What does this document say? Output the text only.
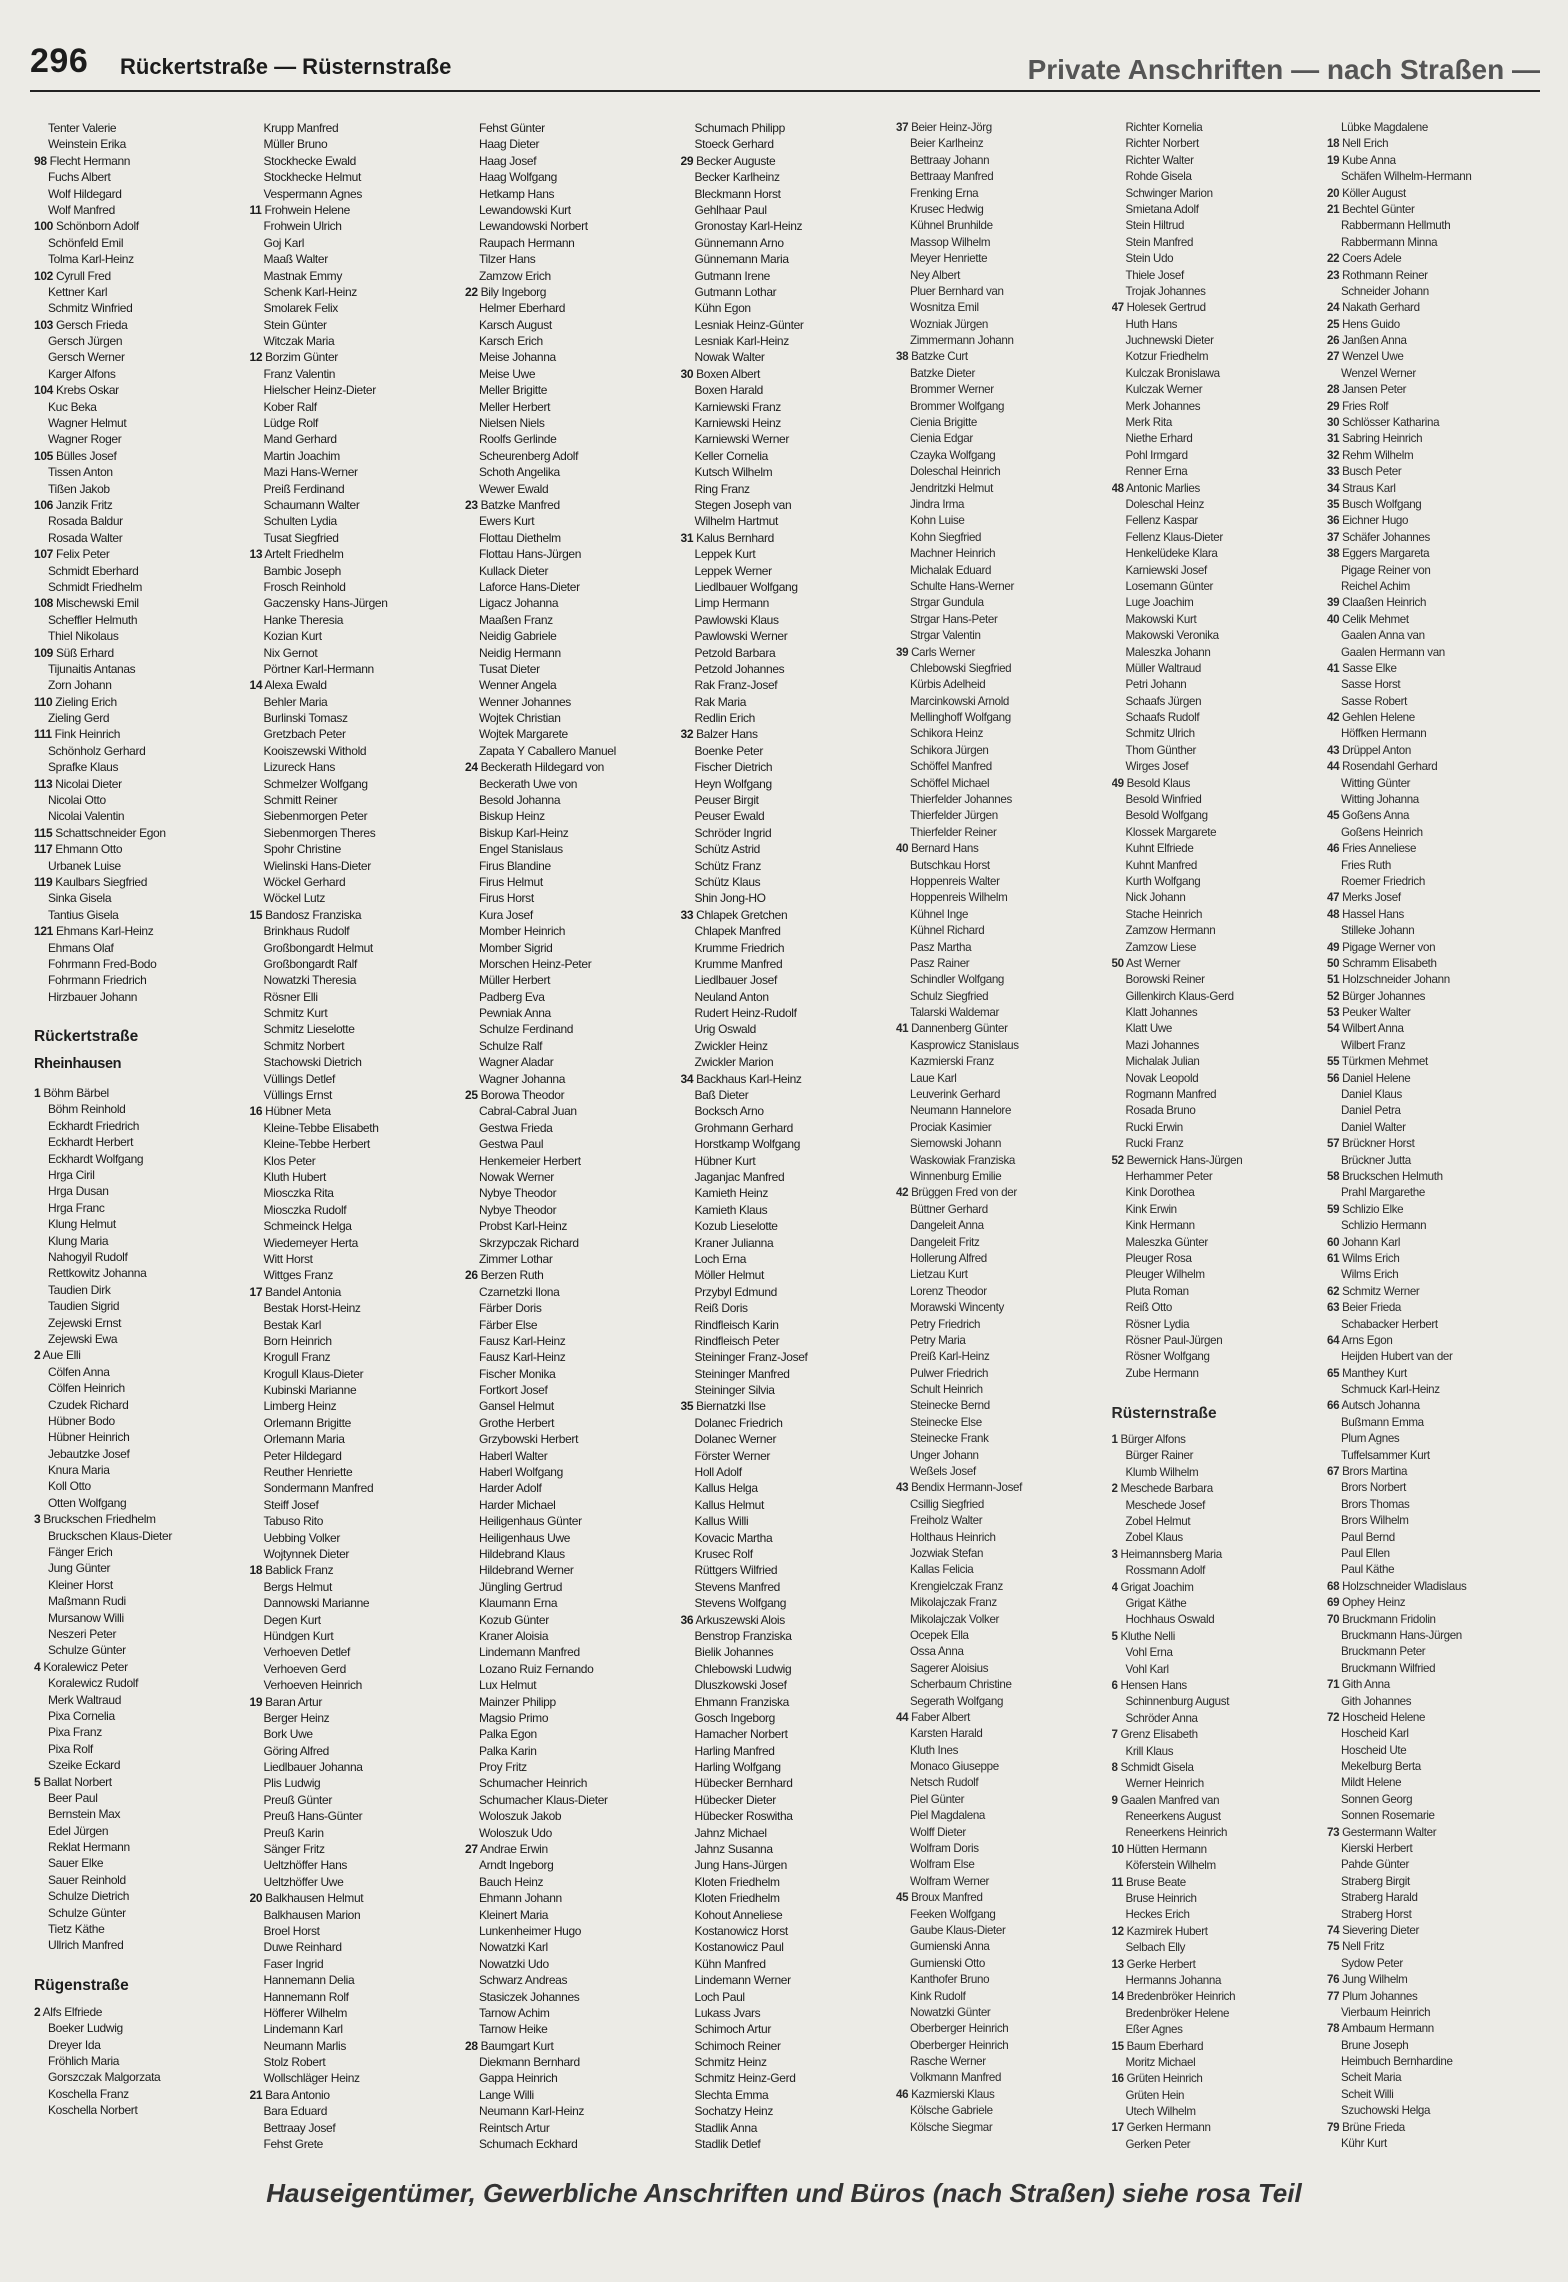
296 Rückertstraße — Rüsternstraße	Private Anschriften — nach Straßen —
Tenter Valerie
Weinstein Erika
98 Flecht Hermann
Fuchs Albert
Wolf Hildegard
Wolf Manfred
100 Schönborn Adolf
Schönfeld Emil
Tolma Karl-Heinz
102 Cyrull Fred
Kettner Karl
Schmitz Winfried
103 Gersch Frieda
Gersch Jürgen
Gersch Werner
Karger Alfons
104 Krebs Oskar
Kuc Beka
Wagner Helmut
Wagner Roger
105 Bülles Josef
Tissen Anton
Tißen Jakob
106 Janzik Fritz
Rosada Baldur
Rosada Walter
107 Felix Peter
Schmidt Eberhard
Schmidt Friedhelm
108 Mischewski Emil
Scheffler Helmuth
Thiel Nikolaus
109 Süß Erhard
Tijunaitis Antanas
Zorn Johann
110 Zieling Erich
Zieling Gerd
111 Fink Heinrich
Schönholz Gerhard
Sprafke Klaus
113 Nicolai Dieter
Nicolai Otto
Nicolai Valentin
115 Schattschneider Egon
117 Ehmann Otto
Urbanek Luise
119 Kaulbars Siegfried
Sinka Gisela
Tantius Gisela
121 Ehmans Karl-Heinz
Ehmans Olaf
Fohrmann Fred-Bodo
Fohrmann Friedrich
Hirzbauer Johann
Rückertstraße
Rheinhausen
1 Böhm Bärbel
Böhm Reinhold
Eckhardt Friedrich
Eckhardt Herbert
Eckhardt Wolfgang
Hrga Ciril
Hrga Dusan
Hrga Franc
Klung Helmut
Klung Maria
Nahogyil Rudolf
Rettkowitz Johanna
Taudien Dirk
Taudien Sigrid
Zejewski Ernst
Zejewski Ewa
2 Aue Elli
Cölfen Anna
Cölfen Heinrich
Czudek Richard
Hübner Bodo
Hübner Heinrich
Jebautzke Josef
Knura Maria
Koll Otto
Otten Wolfgang
3 Bruckschen Friedhelm
Bruckschen Klaus-Dieter
Fänger Erich
Jung Günter
Kleiner Horst
Maßmann Rudi
Mursanow Willi
Neszeri Peter
Schulze Günter
4 Koralewicz Peter
Koralewicz Rudolf
Merk Waltraud
Pixa Cornelia
Pixa Franz
Pixa Rolf
Szeike Eckard
5 Ballat Norbert
Beer Paul
Bernstein Max
Edel Jürgen
Reklat Hermann
Sauer Elke
Sauer Reinhold
Schulze Dietrich
Schulze Günter
Tietz Käthe
Ullrich Manfred
Rügenstraße
2 Alfs Elfriede
Boeker Ludwig
Dreyer Ida
Fröhlich Maria
Gorszczak Malgorzata
Koschella Franz
Koschella Norbert
Krupp Manfred
Müller Bruno
Stockhecke Ewald
Stockhecke Helmut
Vespermann Agnes
11 Frohwein Helene
Frohwein Ulrich
Goj Karl
Maaß Walter
Mastnak Emmy
Schenk Karl-Heinz
Smolarek Felix
Stein Günter
Witczak Maria
12 Borzim Günter
Franz Valentin
Hielscher Heinz-Dieter
Kober Ralf
Lüdge Rolf
Mand Gerhard
Martin Joachim
Mazi Hans-Werner
Preiß Ferdinand
Schaumann Walter
Schulten Lydia
Tusat Siegfried
13 Artelt Friedhelm
Bambic Joseph
Frosch Reinhold
Gaczensky Hans-Jürgen
Hanke Theresia
Kozian Kurt
Nix Gernot
Pörtner Karl-Hermann
14 Alexa Ewald
Behler Maria
Burlinski Tomasz
Gretzbach Peter
Kooiszewski Withold
Lizureck Hans
Schmelzer Wolfgang
Schmitt Reiner
Siebenmorgen Peter
Siebenmorgen Theres
Spohr Christine
Wielinski Hans-Dieter
Wöckel Gerhard
Wöckel Lutz
15 Bandosz Franziska
Brinkhaus Rudolf
Großbongardt Helmut
Großbongardt Ralf
Nowatzki Theresia
Rösner Elli
Schmitz Kurt
Schmitz Lieselotte
Schmitz Norbert
Stachowski Dietrich
Vüllings Detlef
Vüllings Ernst
16 Hübner Meta
Kleine-Tebbe Elisabeth
Kleine-Tebbe Herbert
Klos Peter
Kluth Hubert
Miosczka Rita
Miosczka Rudolf
Schmeinck Helga
Wiedemeyer Herta
Witt Horst
Wittges Franz
17 Bandel Antonia
Bestak Horst-Heinz
Bestak Karl
Born Heinrich
Krogull Franz
Krogull Klaus-Dieter
Kubinski Marianne
Limberg Heinz
Orlemann Brigitte
Orlemann Maria
Peter Hildegard
Reuther Henriette
Sondermann Manfred
Steiff Josef
Tabuso Rito
Uebbing Volker
Wojtynnek Dieter
18 Bablick Franz
Bergs Helmut
Dannowski Marianne
Degen Kurt
Hündgen Kurt
Verhoeven Detlef
Verhoeven Gerd
Verhoeven Heinrich
19 Baran Artur
Berger Heinz
Bork Uwe
Göring Alfred
Liedlbauer Johanna
Plis Ludwig
Preuß Günter
Preuß Hans-Günter
Preuß Karin
Sänger Fritz
Ueltzhöffer Hans
Ueltzhöffer Uwe
20 Balkhausen Helmut
Balkhausen Marion
Broel Horst
Duwe Reinhard
Faser Ingrid
Hannemann Delia
Hannemann Rolf
Höfferer Wilhelm
Lindemann Karl
Neumann Marlis
Stolz Robert
Wollschläger Heinz
21 Bara Antonio
Bara Eduard
Bettraay Josef
Fehst Grete
Fehst Günter
Haag Dieter
Haag Josef
Haag Wolfgang
Hetkamp Hans
Lewandowski Kurt
Lewandowski Norbert
Raupach Hermann
Tilzer Hans
Zamzow Erich
22 Bily Ingeborg
Helmer Eberhard
Karsch August
Karsch Erich
Meise Johanna
Meise Uwe
Meller Brigitte
Meller Herbert
Nielsen Niels
Roolfs Gerlinde
Scheurenberg Adolf
Schoth Angelika
Wewer Ewald
23 Batzke Manfred
Ewers Kurt
Flottau Diethelm
Flottau Hans-Jürgen
Kullack Dieter
Laforce Hans-Dieter
Ligacz Johanna
Maaßen Franz
Neidig Gabriele
Neidig Hermann
Tusat Dieter
Wenner Angela
Wenner Johannes
Wojtek Christian
Wojtek Margarete
Zapata Y Caballero Manuel
24 Beckerath Hildegard von
Beckerath Uwe von
Besold Johanna
Biskup Heinz
Biskup Karl-Heinz
Engel Stanislaus
Firus Blandine
Firus Helmut
Firus Horst
Kura Josef
Momber Heinrich
Momber Sigrid
Morschen Heinz-Peter
Müller Herbert
Padberg Eva
Pewniak Anna
Schulze Ferdinand
Schulze Ralf
Wagner Aladar
Wagner Johanna
25 Borowa Theodor
Cabral-Cabral Juan
Gestwa Frieda
Gestwa Paul
Henkemeier Herbert
Nowak Werner
Nybye Theodor
Nybye Theodor
Probst Karl-Heinz
Skrzypczak Richard
Zimmer Lothar
26 Berzen Ruth
Czarnetzki Ilona
Färber Doris
Färber Else
Fausz Karl-Heinz
Fausz Karl-Heinz
Fischer Monika
Fortkort Josef
Gansel Helmut
Grothe Herbert
Grzybowski Herbert
Haberl Walter
Haberl Wolfgang
Harder Adolf
Harder Michael
Heiligenhaus Günter
Heiligenhaus Uwe
Hildebrand Klaus
Hildebrand Werner
Jüngling Gertrud
Klaumann Erna
Kozub Günter
Kraner Aloisia
Lindemann Manfred
Lozano Ruiz Fernando
Lux Helmut
Mainzer Philipp
Magsio Primo
Palka Egon
Palka Karin
Proy Fritz
Schumacher Heinrich
Schumacher Klaus-Dieter
Woloszuk Jakob
Woloszuk Udo
27 Andrae Erwin
Arndt Ingeborg
Bauch Heinz
Ehmann Johann
Kleinert Maria
Lunkenheimer Hugo
Nowatzki Karl
Nowatzki Udo
Schwarz Andreas
Stasiczek Johannes
Tarnow Achim
Tarnow Heike
28 Baumgart Kurt
Diekmann Bernhard
Gappa Heinrich
Lange Willi
Neumann Karl-Heinz
Reintsch Artur
Schumach Eckhard
Schumach Philipp
Stoeck Gerhard
29 Becker Auguste
Becker Karlheinz
Bleckmann Horst
Gehlhaar Paul
Gronostay Karl-Heinz
Günnemann Arno
Günnemann Maria
Gutmann Irene
Gutmann Lothar
Kühn Egon
Lesniak Heinz-Günter
Lesniak Karl-Heinz
Nowak Walter
30 Boxen Albert
Boxen Harald
Karniewski Franz
Karniewski Heinz
Karniewski Werner
Keller Cornelia
Kutsch Wilhelm
Ring Franz
Stegen Joseph van
Wilhelm Hartmut
31 Kalus Bernhard
Leppek Kurt
Leppek Werner
Liedlbauer Wolfgang
Limp Hermann
Pawlowski Klaus
Pawlowski Werner
Petzold Barbara
Petzold Johannes
Rak Franz-Josef
Rak Maria
Redlin Erich
32 Balzer Hans
Boenke Peter
Fischer Dietrich
Heyn Wolfgang
Peuser Birgit
Peuser Ewald
Schröder Ingrid
Schütz Astrid
Schütz Franz
Schütz Klaus
Shin Jong-HO
33 Chlapek Gretchen
Chlapek Manfred
Krumme Friedrich
Krumme Manfred
Liedlbauer Josef
Neuland Anton
Rudert Heinz-Rudolf
Urig Oswald
Zwickler Heinz
Zwickler Marion
34 Backhaus Karl-Heinz
Baß Dieter
Bocksch Arno
Grohmann Gerhard
Horstkamp Wolfgang
Hübner Kurt
Jaganjac Manfred
Kamieth Heinz
Kamieth Klaus
Kozub Lieselotte
Kraner Julianna
Loch Erna
Möller Helmut
Przybyl Edmund
Reiß Doris
Rindfleisch Karin
Rindfleisch Peter
Steininger Franz-Josef
Steininger Manfred
Steininger Silvia
35 Biernatzki Ilse
Dolanec Friedrich
Dolanec Werner
Förster Werner
Holl Adolf
Kallus Helga
Kallus Helmut
Kallus Willi
Kovacic Martha
Krusec Rolf
Rüttgers Wilfried
Stevens Manfred
Stevens Wolfgang
36 Arkuszewski Alois
Benstrop Franziska
Bielik Johannes
Chlebowski Ludwig
Dluszkowski Josef
Ehmann Franziska
Gosch Ingeborg
Hamacher Norbert
Harling Manfred
Harling Wolfgang
Hübecker Bernhard
Hübecker Dieter
Hübecker Roswitha
Jahnz Michael
Jahnz Susanna
Jung Hans-Jürgen
Kloten Friedhelm
Kloten Friedhelm
Kohout Anneliese
Kostanowicz Horst
Kostanowicz Paul
Kühn Manfred
Lindemann Werner
Loch Paul
Lukass Jvars
Schimoch Artur
Schimoch Reiner
Schmitz Heinz
Schmitz Heinz-Gerd
Slechta Emma
Sochatzy Heinz
Stadlik Anna
Stadlik Detlef
37 Beier Heinz-Jörg
Beier Karlheinz
Bettraay Johann
Bettraay Manfred
Frenking Erna
Krusec Hedwig
Kühnel Brunhilde
Massop Wilhelm
Meyer Henriette
Ney Albert
Pluer Bernhard van
Wosnitza Emil
Wozniak Jürgen
Zimmermann Johann
38 Batzke Curt
Batzke Dieter
Brommer Werner
Brommer Wolfgang
Cienia Brigitte
Cienia Edgar
Czayka Wolfgang
Doleschal Heinrich
Jendritzki Helmut
Jindra Irma
Kohn Luise
Kohn Siegfried
Machner Heinrich
Michalak Eduard
Schulte Hans-Werner
Strgar Gundula
Strgar Hans-Peter
Strgar Valentin
39 Carls Werner
Chlebowski Siegfried
Kürbis Adelheid
Marcinkowski Arnold
Mellinghoff Wolfgang
Schikora Heinz
Schikora Jürgen
Schöffel Manfred
Schöffel Michael
Thierfelder Johannes
Thierfelder Jürgen
Thierfelder Reiner
40 Bernard Hans
Butschkau Horst
Hoppenreis Walter
Hoppenreis Wilhelm
Kühnel Inge
Kühnel Richard
Pasz Martha
Pasz Rainer
Schindler Wolfgang
Schulz Siegfried
Talarski Waldemar
41 Dannenberg Günter
Kasprowicz Stanislaus
Kazmierski Franz
Laue Karl
Leuverink Gerhard
Neumann Hannelore
Prociak Kasimier
Siemowski Johann
Waskowiak Franziska
Winnenburg Emilie
42 Brüggen Fred von der
Büttner Gerhard
Dangeleit Anna
Dangeleit Fritz
Hollerung Alfred
Lietzau Kurt
Lorenz Theodor
Morawski Wincenty
Petry Friedrich
Petry Maria
Preiß Karl-Heinz
Pulwer Friedrich
Schult Heinrich
Steinecke Bernd
Steinecke Else
Steinecke Frank
Unger Johann
Weßels Josef
43 Bendix Hermann-Josef
Csillig Siegfried
Freiholz Walter
Holthaus Heinrich
Jozwiak Stefan
Kallas Felicia
Krengielczak Franz
Mikolajczak Franz
Mikolajczak Volker
Ocepek Ella
Ossa Anna
Sagerer Aloisius
Scherbaum Christine
Segerath Wolfgang
44 Faber Albert
Karsten Harald
Kluth Ines
Monaco Giuseppe
Netsch Rudolf
Piel Günter
Piel Magdalena
Wolff Dieter
Wolfram Doris
Wolfram Else
Wolfram Werner
45 Broux Manfred
Feeken Wolfgang
Gaube Klaus-Dieter
Gumienski Anna
Gumienski Otto
Kanthofer Bruno
Kink Rudolf
Nowatzki Günter
Oberberger Heinrich
Oberberger Heinrich
Rasche Werner
Volkmann Manfred
46 Kazmierski Klaus
Kölsche Gabriele
Kölsche Siegmar
Richter Kornelia
Richter Norbert
Richter Walter
Rohde Gisela
Schwinger Marion
Smietana Adolf
Stein Hiltrud
Stein Manfred
Stein Udo
Thiele Josef
Trojak Johannes
47 Holesek Gertrud
Huth Hans
Juchnewski Dieter
Kotzur Friedhelm
Kulczak Bronislawa
Kulczak Werner
Merk Johannes
Merk Rita
Niethe Erhard
Pohl Irmgard
Renner Erna
48 Antonic Marlies
Doleschal Heinz
Fellenz Kaspar
Fellenz Klaus-Dieter
Henkelüdeke Klara
Karniewski Josef
Losemann Günter
Luge Joachim
Makowski Kurt
Makowski Veronika
Maleszka Johann
Müller Waltraud
Petri Johann
Schaafs Jürgen
Schaafs Rudolf
Schmitz Ulrich
Thom Günther
Wirges Josef
49 Besold Klaus
Besold Winfried
Besold Wolfgang
Klossek Margarete
Kuhnt Elfriede
Kuhnt Manfred
Kurth Wolfgang
Nick Johann
Stache Heinrich
Zamzow Hermann
Zamzow Liese
50 Ast Werner
Borowski Reiner
Gillenkirch Klaus-Gerd
Klatt Johannes
Klatt Uwe
Mazi Johannes
Michalak Julian
Novak Leopold
Rogmann Manfred
Rosada Bruno
Rucki Erwin
Rucki Franz
52 Bewernick Hans-Jürgen
Herhammer Peter
Kink Dorothea
Kink Erwin
Kink Hermann
Maleszka Günter
Pleuger Rosa
Pleuger Wilhelm
Pluta Roman
Reiß Otto
Rösner Lydia
Rösner Paul-Jürgen
Rösner Wolfgang
Zube Hermann
Rüsternstraße
1 Bürger Alfons
Bürger Rainer
Klumb Wilhelm
2 Meschede Barbara
Meschede Josef
Zobel Helmut
Zobel Klaus
3 Heimannsberg Maria
Rossmann Adolf
4 Grigat Joachim
Grigat Käthe
Hochhaus Oswald
5 Kluthe Nelli
Vohl Erna
Vohl Karl
6 Hensen Hans
Schinnenburg August
Schröder Anna
7 Grenz Elisabeth
Krill Klaus
8 Schmidt Gisela
Werner Heinrich
9 Gaalen Manfred van
Reneerkens August
Reneerkens Heinrich
10 Hütten Hermann
Köferstein Wilhelm
11 Bruse Beate
Bruse Heinrich
Heckes Erich
12 Kazmirek Hubert
Selbach Elly
13 Gerke Herbert
Hermanns Johanna
14 Bredenbröker Heinrich
Bredenbröker Helene
Eßer Agnes
15 Baum Eberhard
Moritz Michael
16 Grüten Heinrich
Grüten Hein
Utech Wilhelm
17 Gerken Hermann
Gerken Peter
Lübke Magdalene
18 Nell Erich
19 Kube Anna
Schäfen Wilhelm-Hermann
20 Köller August
21 Bechtel Günter
Rabbermann Hellmuth
Rabbermann Minna
22 Coers Adele
23 Rothmann Reiner
Schneider Johann
24 Nakath Gerhard
25 Hens Guido
26 Janßen Anna
27 Wenzel Uwe
Wenzel Werner
28 Jansen Peter
29 Fries Rolf
30 Schlösser Katharina
31 Sabring Heinrich
32 Rehm Wilhelm
33 Busch Peter
34 Straus Karl
35 Busch Wolfgang
36 Eichner Hugo
37 Schäfer Johannes
38 Eggers Margareta
Pigage Reiner von
Reichel Achim
39 Claaßen Heinrich
40 Celik Mehmet
Gaalen Anna van
Gaalen Hermann van
41 Sasse Elke
Sasse Horst
Sasse Robert
42 Gehlen Helene
Höffken Hermann
43 Drüppel Anton
44 Rosendahl Gerhard
Witting Günter
Witting Johanna
45 Goßens Anna
Goßens Heinrich
46 Fries Anneliese
Fries Ruth
Roemer Friedrich
47 Merks Josef
48 Hassel Hans
Stilleke Johann
49 Pigage Werner von
50 Schramm Elisabeth
51 Holzschneider Johann
52 Bürger Johannes
53 Peuker Walter
54 Wilbert Anna
Wilbert Franz
55 Türkmen Mehmet
56 Daniel Helene
Daniel Klaus
Daniel Petra
Daniel Walter
57 Brückner Horst
Brückner Jutta
58 Bruckschen Helmuth
Prahl Margarethe
59 Schlizio Elke
Schlizio Hermann
60 Johann Karl
61 Wilms Erich
Wilms Erich
62 Schmitz Werner
63 Beier Frieda
Schabacker Herbert
64 Arns Egon
Heijden Hubert van der
65 Manthey Kurt
Schmuck Karl-Heinz
66 Autsch Johanna
Bußmann Emma
Plum Agnes
Tuffelsammer Kurt
67 Brors Martina
Brors Norbert
Brors Thomas
Brors Wilhelm
Paul Bernd
Paul Ellen
Paul Käthe
68 Holzschneider Wladislaus
69 Ophey Heinz
70 Bruckmann Fridolin
Bruckmann Hans-Jürgen
Bruckmann Peter
Bruckmann Wilfried
71 Gith Anna
Gith Johannes
72 Hoscheid Helene
Hoscheid Karl
Hoscheid Ute
Mekelburg Berta
Mildt Helene
Sonnen Georg
Sonnen Rosemarie
73 Gestermann Walter
Kierski Herbert
Pahde Günter
Straberg Birgit
Straberg Harald
Straberg Horst
74 Sievering Dieter
75 Nell Fritz
Sydow Peter
76 Jung Wilhelm
77 Plum Johannes
Vierbaum Heinrich
78 Ambaum Hermann
Brune Joseph
Heimbuch Bernhardine
Scheit Maria
Scheit Willi
Szuchowski Helga
79 Brüne Frieda
Kühr Kurt
Hauseigentümer, Gewerbliche Anschriften und Büros (nach Straßen) siehe rosa Teil
